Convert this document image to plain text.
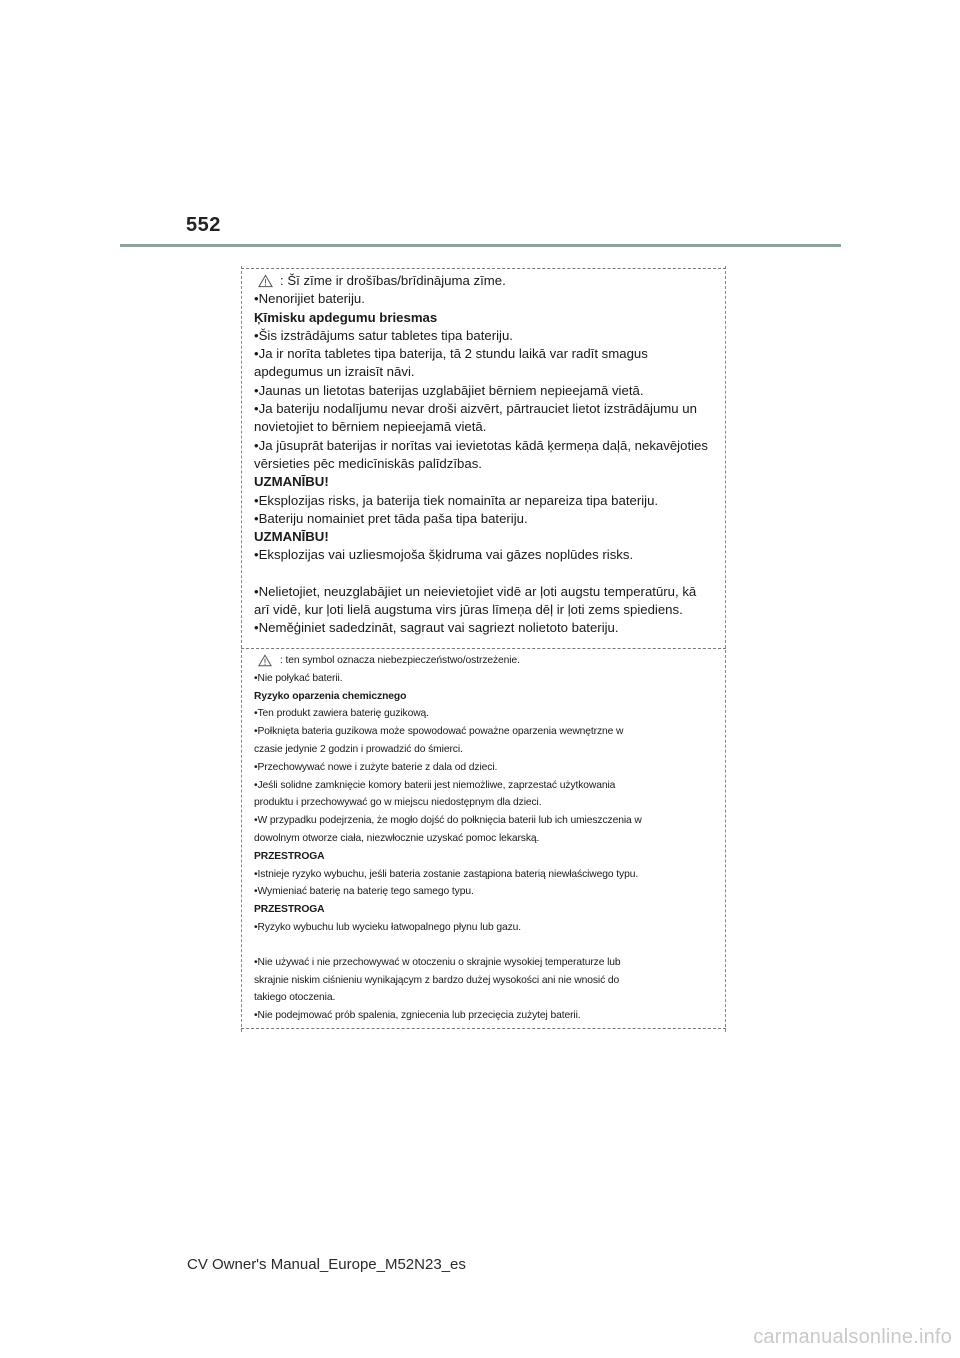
552
: Šī zīme ir drošības/brīdinājuma zīme.
•Nenorijiet bateriju.
Ķīmisku apdegumu briesmas
•Šis izstrādājums satur tabletes tipa bateriju.
•Ja ir norīta tabletes tipa baterija, tā 2 stundu laikā var radīt smagus
apdegumus un izraisīt nāvi.
•Jaunas un lietotas baterijas uzglabājiet bērniem nepieejamā vietā.
•Ja bateriju nodalījumu nevar droši aizvērt, pārtrauciet lietot izstrādājumu un
novietojiet to bērniem nepieejamā vietā.
•Ja jūsuprāt baterijas ir norītas vai ievietotas kādā ķermeņa daļā, nekavējoties
vērsieties pēc medicīniskās palīdzības.
UZMANĪBU!
•Eksplozijas risks, ja baterija tiek nomainīta ar nepareiza tipa bateriju.
•Bateriju nomainiet pret tāda paša tipa bateriju.
UZMANĪBU!
•Eksplozijas vai uzliesmojoša šķidruma vai gāzes noplūdes risks.
•Nelietojiet, neuzglabājiet un neievietojiet vidē ar ļoti augstu temperatūru, kā
arī vidē, kur ļoti lielā augstuma virs jūras līmeņa dēļ ir ļoti zems spiediens.
•Neměģiniet sadedzināt, sagraut vai sagriezt nolietoto bateriju.
: ten symbol oznacza niebezpieczeństwo/ostrzeżenie.
•Nie połykać baterii.
Ryzyko oparzenia chemicznego
•Ten produkt zawiera baterię guzikową.
•Połknięta bateria guzikowa może spowodować poważne oparzenia wewnętrzne w
czasie jedynie 2 godzin i prowadzić do śmierci.
•Przechowywać nowe i zużyte baterie z dala od dzieci.
•Jeśli solidne zamknięcie komory baterii jest niemożliwe, zaprzestać użytkowania
produktu i przechowywać go w miejscu niedostępnym dla dzieci.
•W przypadku podejrzenia, że mogło dojść do połknięcia baterii lub ich umieszczenia w
dowolnym otworze ciała, niezwłocznie uzyskać pomoc lekarską.
PRZESTROGA
•Istnieje ryzyko wybuchu, jeśli bateria zostanie zastąpiona baterią niewłaściwego typu.
•Wymieniać baterię na baterię tego samego typu.
PRZESTROGA
•Ryzyko wybuchu lub wycieku łatwopalnego płynu lub gazu.
•Nie używać i nie przechowywać w otoczeniu o skrajnie wysokiej temperaturze lub
skrajnie niskim ciśnieniu wynikającym z bardzo dużej wysokości ani nie wnosić do
takiego otoczenia.
•Nie podejmować prób spalenia, zgniecenia lub przecięcia zużytej baterii.
CV Owner's Manual_Europe_M52N23_es
carmanualsonline.info
